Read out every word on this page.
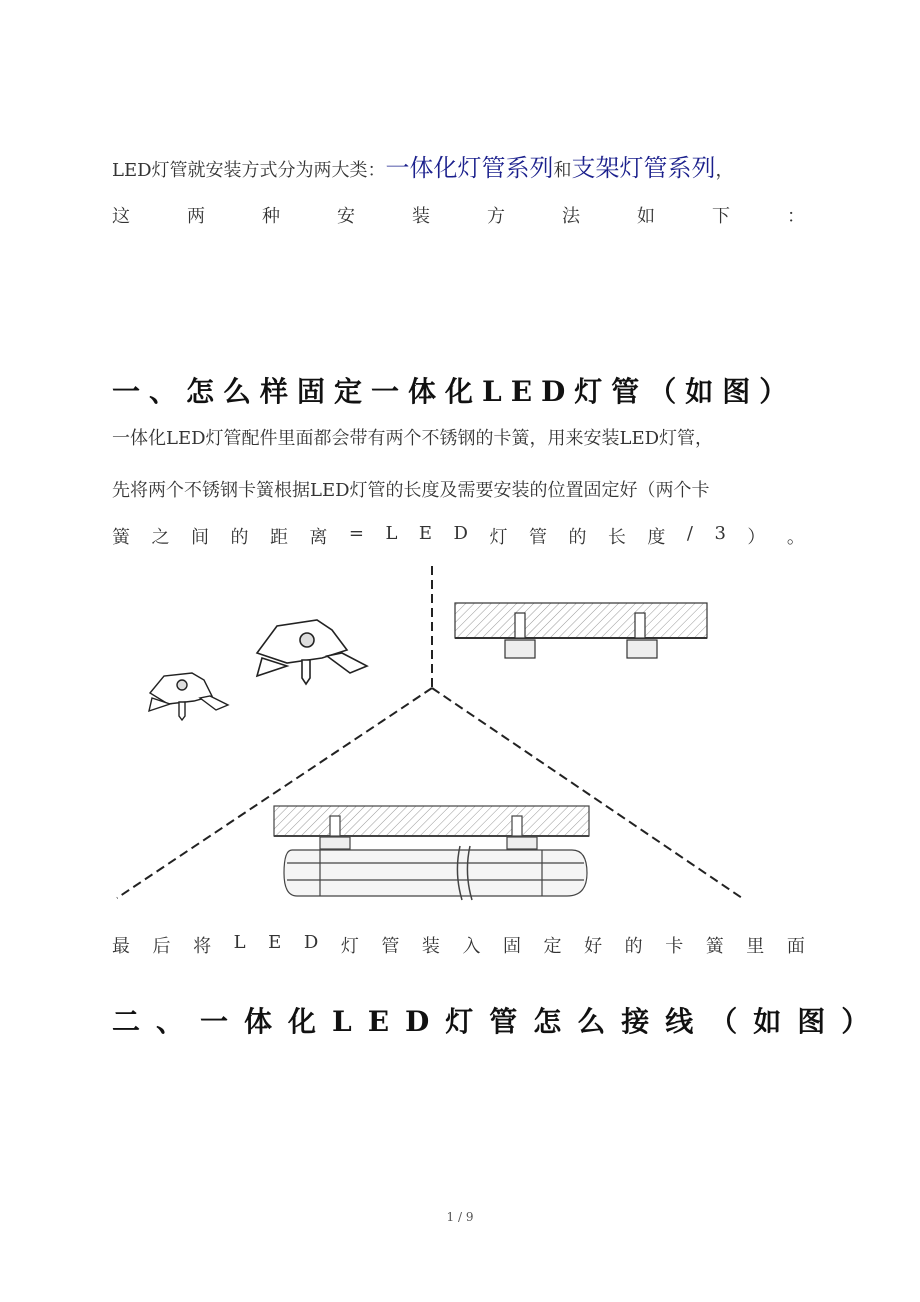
LED灯管就安装方式分为两大类：一体化灯管系列和支架灯管系列，
这	两	种	安	装	方	法	如	下	：
一、怎么样固定一体化LED灯管（如图）
一体化LED灯管配件里面都会带有两个不锈钢的卡簧，用来安装LED灯管，
先将两个不锈钢卡簧根据LED灯管的长度及需要安装的位置固定好（两个卡
簧 之 间 的 距 离 = L E D 灯 管 的 长 度 / 3 ） 。
最 后 将 L E D 灯 管 装 入 固 定 好 的 卡 簧 里 面
二、一体化LED灯管怎么接线（如图）
1 / 9
